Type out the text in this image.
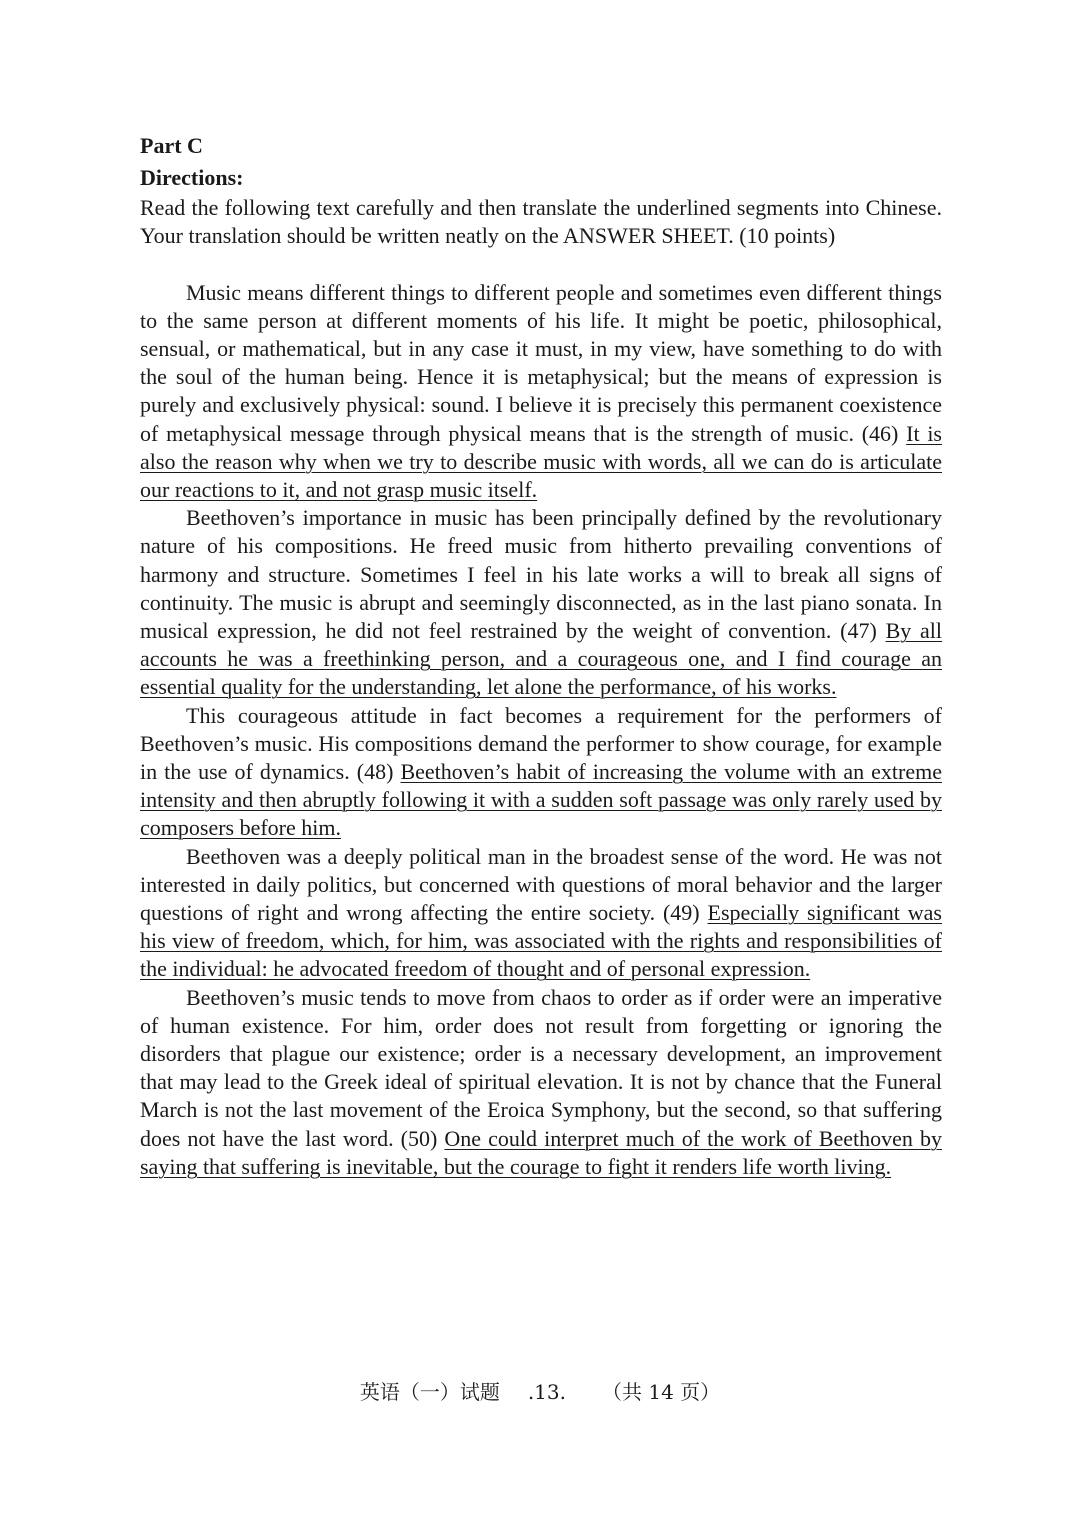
Part C

Directions:

Read the following text carefully and then translate the underlined segments into Chinese. Your translation should be written neatly on the ANSWER SHEET. (10 points)

Music means different things to different people and sometimes even different things to the same person at different moments of his life. It might be poetic, philosophical, sensual, or mathematical, but in any case it must, in my view, have something to do with the soul of the human being. Hence it is metaphysical; but the means of expression is purely and exclusively physical: sound. I believe it is precisely this permanent coexistence of metaphysical message through physical means that is the strength of music. (46) It is also the reason why when we try to describe music with words, all we can do is articulate our reactions to it, and not grasp music itself.

Beethoven’s importance in music has been principally defined by the revolutionary nature of his compositions. He freed music from hitherto prevailing conventions of harmony and structure. Sometimes I feel in his late works a will to break all signs of continuity. The music is abrupt and seemingly disconnected, as in the last piano sonata. In musical expression, he did not feel restrained by the weight of convention. (47) By all accounts he was a freethinking person, and a courageous one, and I find courage an essential quality for the understanding, let alone the performance, of his works.

This courageous attitude in fact becomes a requirement for the performers of Beethoven’s music. His compositions demand the performer to show courage, for example in the use of dynamics. (48) Beethoven’s habit of increasing the volume with an extreme intensity and then abruptly following it with a sudden soft passage was only rarely used by composers before him.

Beethoven was a deeply political man in the broadest sense of the word. He was not interested in daily politics, but concerned with questions of moral behavior and the larger questions of right and wrong affecting the entire society. (49) Especially significant was his view of freedom, which, for him, was associated with the rights and responsibilities of the individual: he advocated freedom of thought and of personal expression.

Beethoven’s music tends to move from chaos to order as if order were an imperative of human existence. For him, order does not result from forgetting or ignoring the disorders that plague our existence; order is a necessary development, an improvement that may lead to the Greek ideal of spiritual elevation. It is not by chance that the Funeral March is not the last movement of the Eroica Symphony, but the second, so that suffering does not have the last word. (50) One could interpret much of the work of Beethoven by saying that suffering is inevitable, but the courage to fight it renders life worth living.

英语（一）试题 .13. （共 14 页）
